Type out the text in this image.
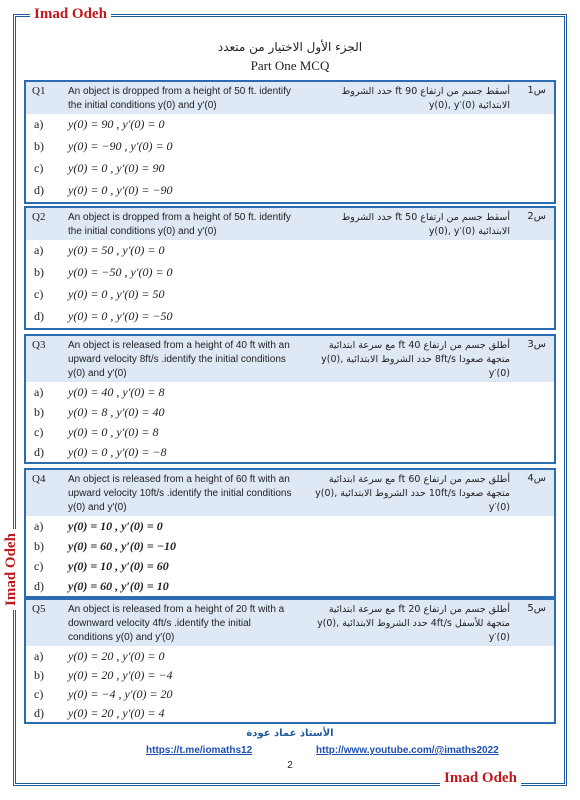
Imad Odeh
Imad Odeh
Imad Odeh
الجزء الأول الاختيار من متعدد
Part One MCQ
Q1 An object is dropped from a height of 50 ft. identify the initial conditions y(0) and y′(0)
أسقط جسم من ارتفاع 90 ft حدد الشروط الابتدائية y(0), y′(0)
س1
a) y(0) = 90 , y′(0) = 0
b) y(0) = −90 , y′(0) = 0
c) y(0) = 0 , y′(0) = 90
d) y(0) = 0 , y′(0) = −90
Q2 An object is dropped from a height of 50 ft. identify the initial conditions y(0) and y′(0)
أسقط جسم من ارتفاع 50 ft حدد الشروط الابتدائية y(0), y′(0)
س2
a) y(0) = 50 , y′(0) = 0
b) y(0) = −50 , y′(0) = 0
c) y(0) = 0 , y′(0) = 50
d) y(0) = 0 , y′(0) = −50
Q3 An object is released from a height of 40 ft with an upward velocity 8ft/s .identify the initial conditions y(0) and y′(0)
أطلق جسم من ارتفاع 40 ft مع سرعة ابتدائية متجهة صعودا 8ft/s حدد الشروط الابتدائية y(0), y′(0)
س3
a) y(0) = 40 , y′(0) = 8
b) y(0) = 8 , y′(0) = 40
c) y(0) = 0 , y′(0) = 8
d) y(0) = 0 , y′(0) = −8
Q4 An object is released from a height of 60 ft with an upward velocity 10ft/s .identify the initial conditions y(0) and y′(0)
أطلق جسم من ارتفاع 60 ft مع سرعة ابتدائية متجهة صعودا 10ft/s حدد الشروط الابتدائية y(0), y′(0)
س4
a) y(0) = 10 , y′(0) = 0
b) y(0) = 60 , y′(0) = −10
c) y(0) = 10 , y′(0) = 60
d) y(0) = 60 , y′(0) = 10
Q5 An object is released from a height of 20 ft with a downward velocity 4ft/s .identify the initial conditions y(0) and y′(0)
أطلق جسم من ارتفاع 20 ft مع سرعة ابتدائية متجهة للأسفل 4ft/s حدد الشروط الابتدائية y(0), y′(0)
س5
a) y(0) = 20 , y′(0) = 0
b) y(0) = 20 , y′(0) = −4
c) y(0) = −4 , y′(0) = 20
d) y(0) = 20 , y′(0) = 4
الأستاذ عماد عودة
https://t.me/iomaths12	http://www.youtube.com/@imaths2022
2
